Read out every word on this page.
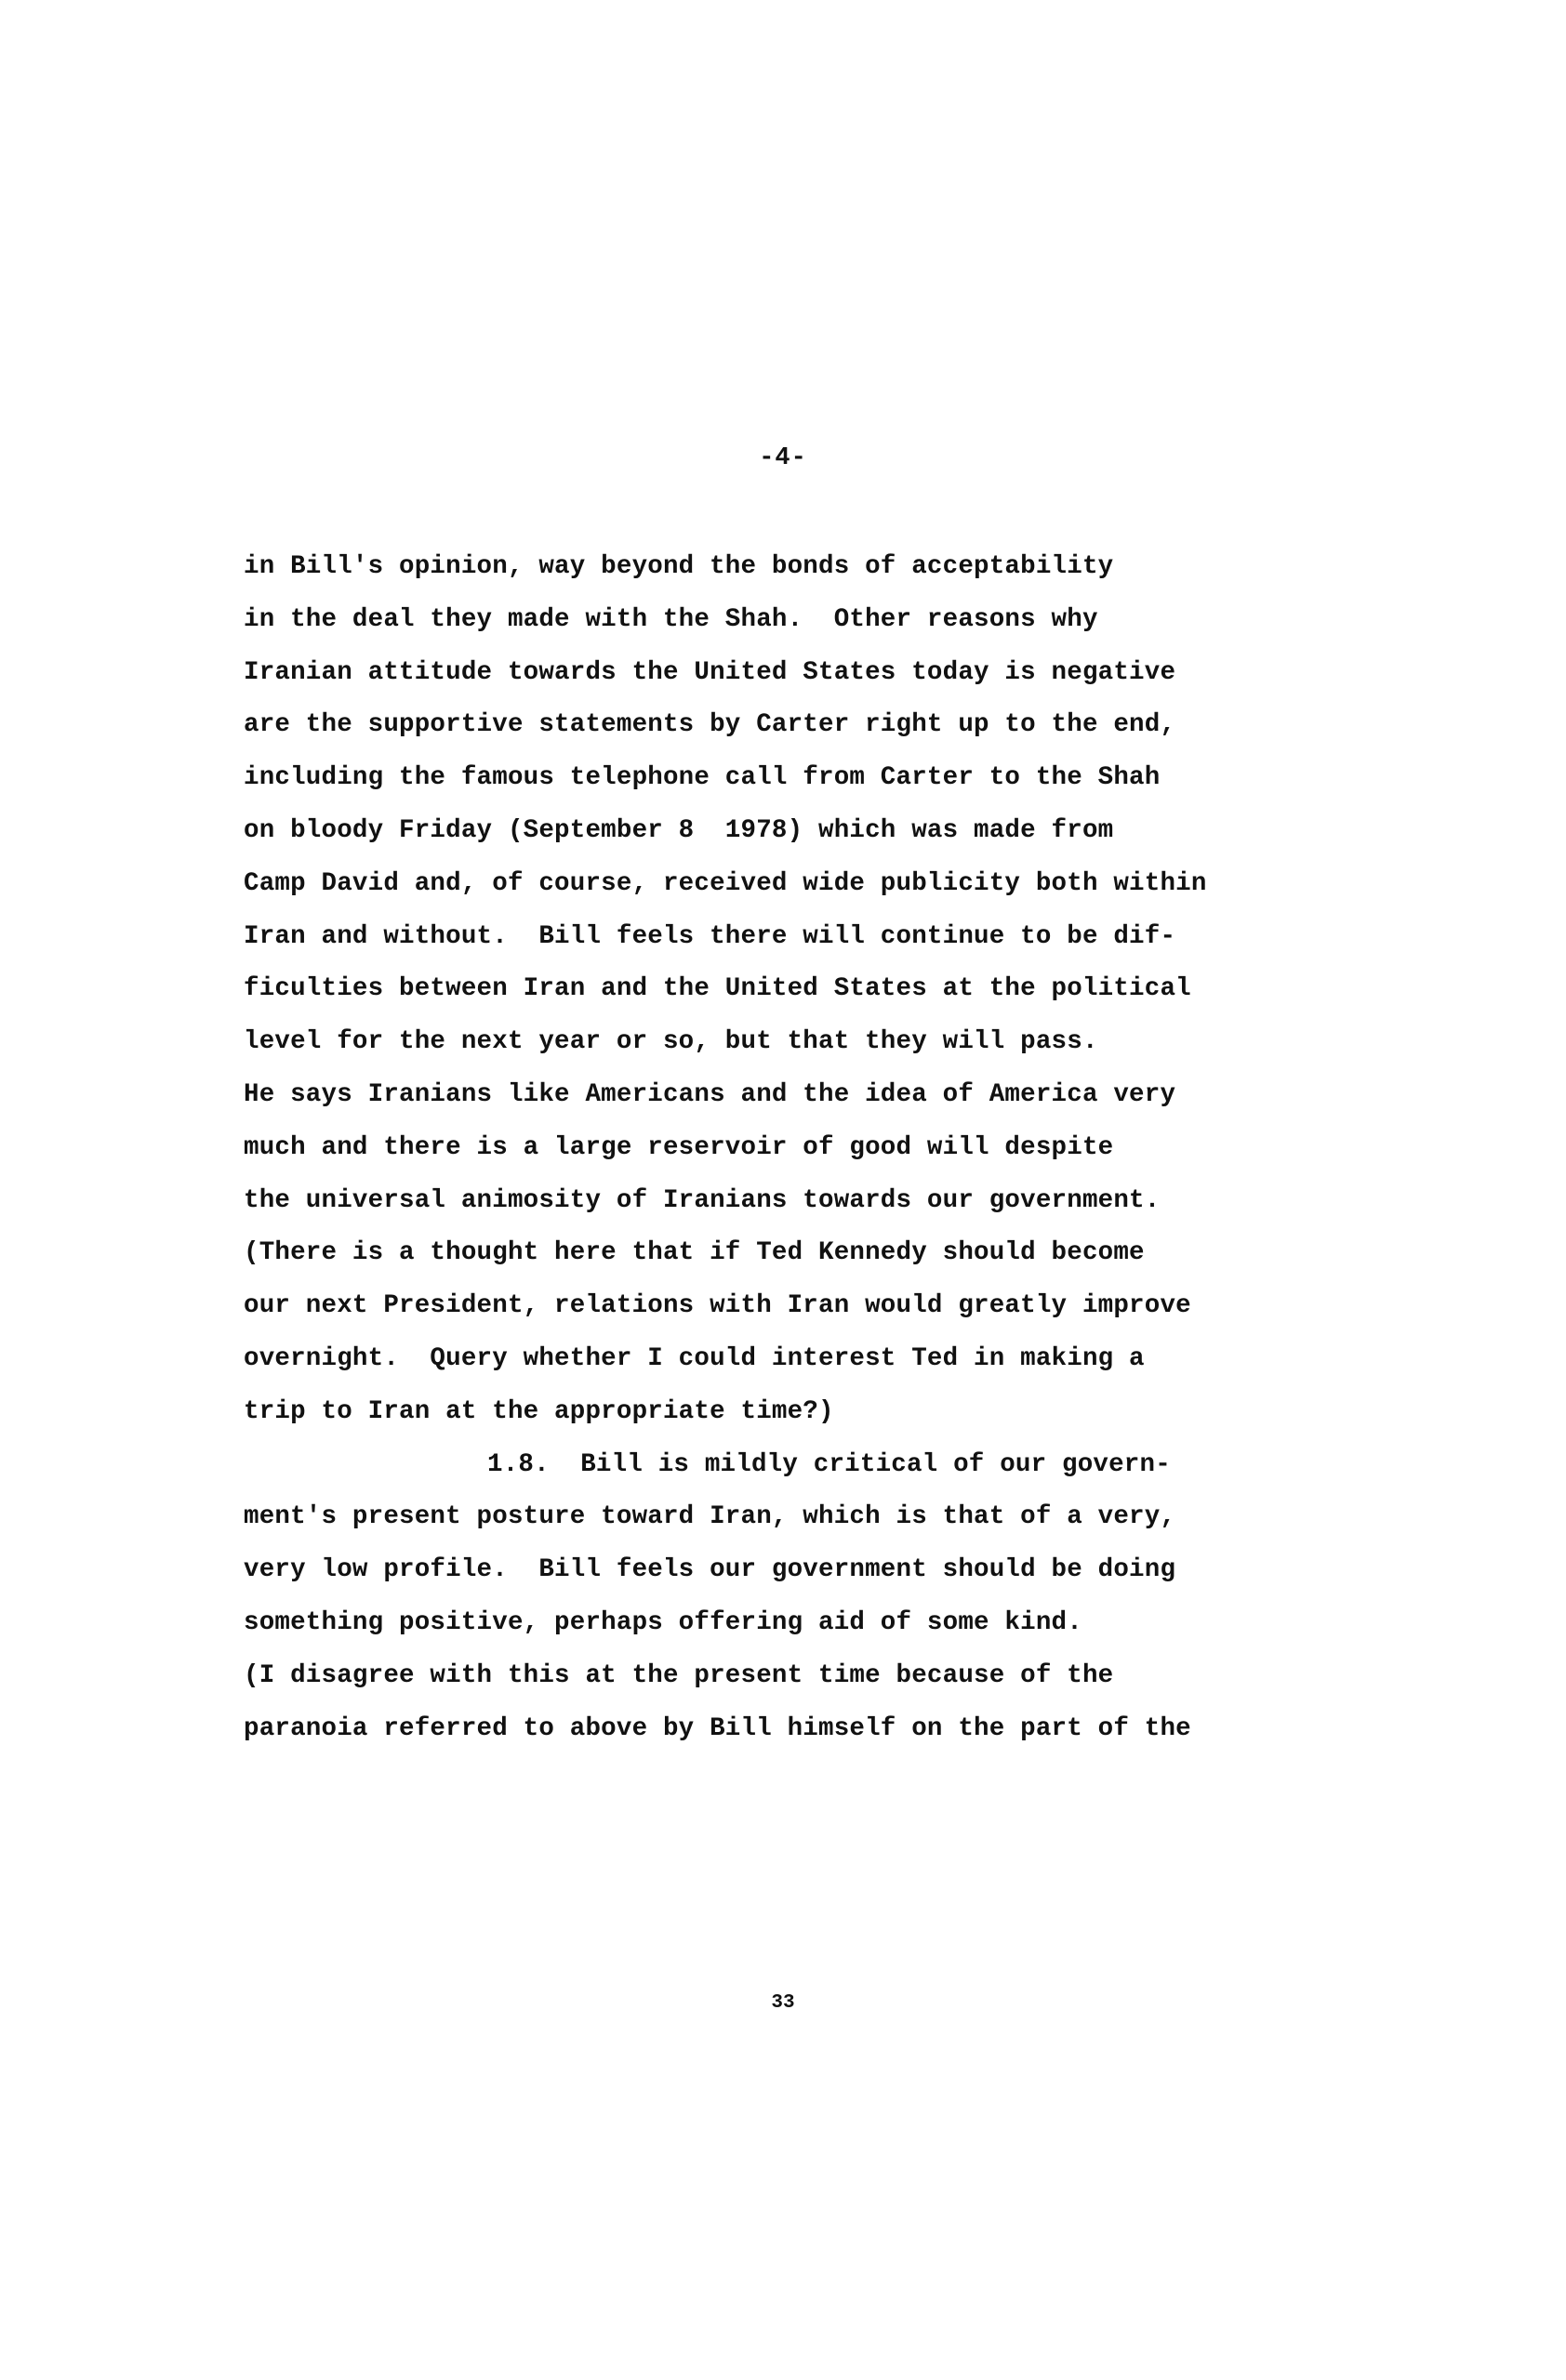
-4-
in Bill's opinion, way beyond the bonds of acceptability
in the deal they made with the Shah.  Other reasons why
Iranian attitude towards the United States today is negative
are the supportive statements by Carter right up to the end,
including the famous telephone call from Carter to the Shah
on bloody Friday (September 8  1978) which was made from
Camp David and, of course, received wide publicity both within
Iran and without.  Bill feels there will continue to be dif-
ficulties between Iran and the United States at the political
level for the next year or so, but that they will pass.
He says Iranians like Americans and the idea of America very
much and there is a large reservoir of good will despite
the universal animosity of Iranians towards our government.
(There is a thought here that if Ted Kennedy should become
our next President, relations with Iran would greatly improve
overnight.  Query whether I could interest Ted in making a
trip to Iran at the appropriate time?)
1.8.  Bill is mildly critical of our govern-
ment's present posture toward Iran, which is that of a very,
very low profile.  Bill feels our government should be doing
something positive, perhaps offering aid of some kind.
(I disagree with this at the present time because of the
paranoia referred to above by Bill himself on the part of the
33
